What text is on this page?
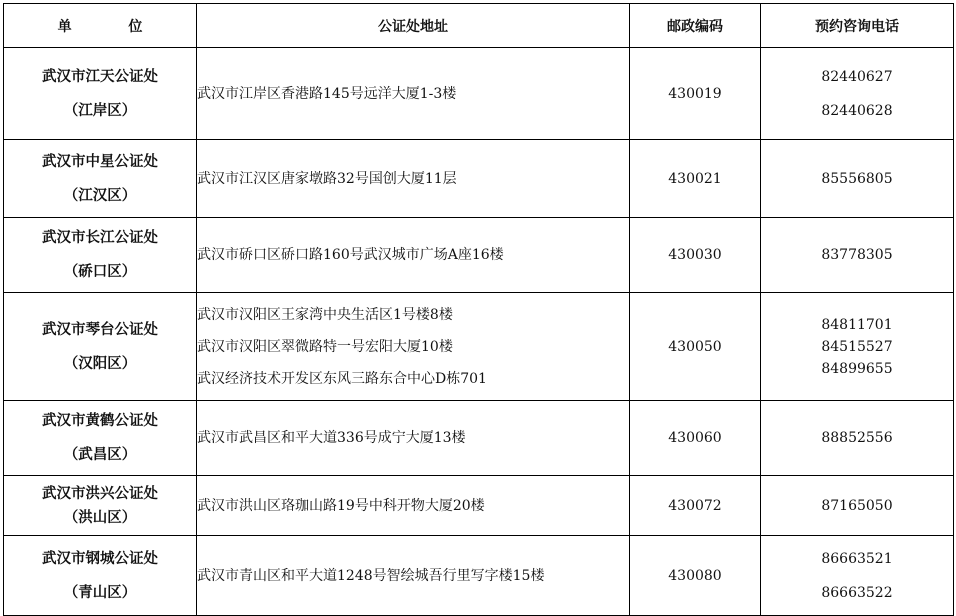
单 位	公证处地址	邮政编码	预约咨询电话

武汉市江天公证处
（江岸区）	武汉市江岸区香港路145号远洋大厦1-3楼	430019	82440627
82440628

武汉市中星公证处
（江汉区）	武汉市江汉区唐家墩路32号国创大厦11层	430021	85556805

武汉市长江公证处
（硚口区）	武汉市硚口区硚口路160号武汉城市广场A座16楼	430030	83778305

武汉市琴台公证处
（汉阳区）	武汉市汉阳区王家湾中央生活区1号楼8楼
武汉市汉阳区翠微路特一号宏阳大厦10楼
武汉经济技术开发区东风三路东合中心D栋701	430050	84811701
84515527
84899655

武汉市黄鹤公证处
（武昌区）	武汉市武昌区和平大道336号成宁大厦13楼	430060	88852556

武汉市洪兴公证处
（洪山区）	武汉市洪山区珞珈山路19号中科开物大厦20楼	430072	87165050

武汉市钢城公证处
（青山区）	武汉市青山区和平大道1248号智绘城吾行里写字楼15楼	430080	86663521
86663522
